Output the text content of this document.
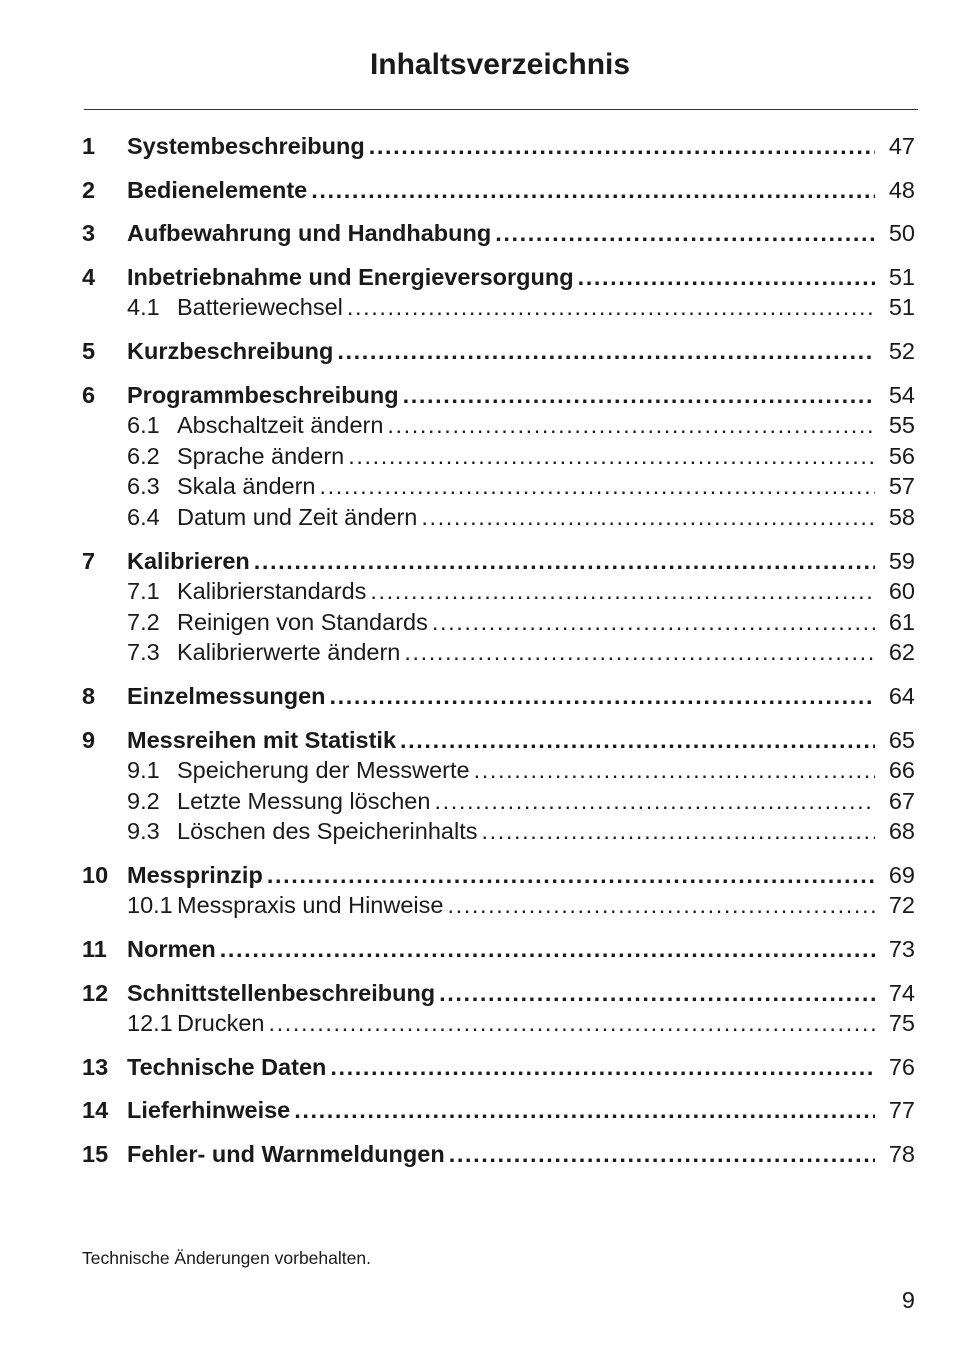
Inhaltsverzeichnis
1	Systembeschreibung .....	47
2	Bedienelemente .....	48
3	Aufbewahrung und Handhabung .....	50
4	Inbetriebnahme und Energieversorgung .....	51
4.1 Batteriewechsel .....	51
5	Kurzbeschreibung .....	52
6	Programmbeschreibung .....	54
6.1 Abschaltzeit ändern .....	55
6.2 Sprache ändern .....	56
6.3 Skala ändern .....	57
6.4 Datum und Zeit ändern .....	58
7	Kalibrieren .....	59
7.1 Kalibrierstandards .....	60
7.2 Reinigen von Standards .....	61
7.3 Kalibrierwerte ändern .....	62
8	Einzelmessungen .....	64
9	Messreihen mit Statistik .....	65
9.1 Speicherung der Messwerte .....	66
9.2 Letzte Messung löschen .....	67
9.3 Löschen des Speicherinhalts .....	68
10 Messprinzip .....	69
10.1 Messpraxis und Hinweise .....	72
11 Normen .....	73
12 Schnittstellenbeschreibung .....	74
12.1 Drucken .....	75
13 Technische Daten .....	76
14 Lieferhinweise .....	77
15 Fehler- und Warnmeldungen .....	78
Technische Änderungen vorbehalten.
9
